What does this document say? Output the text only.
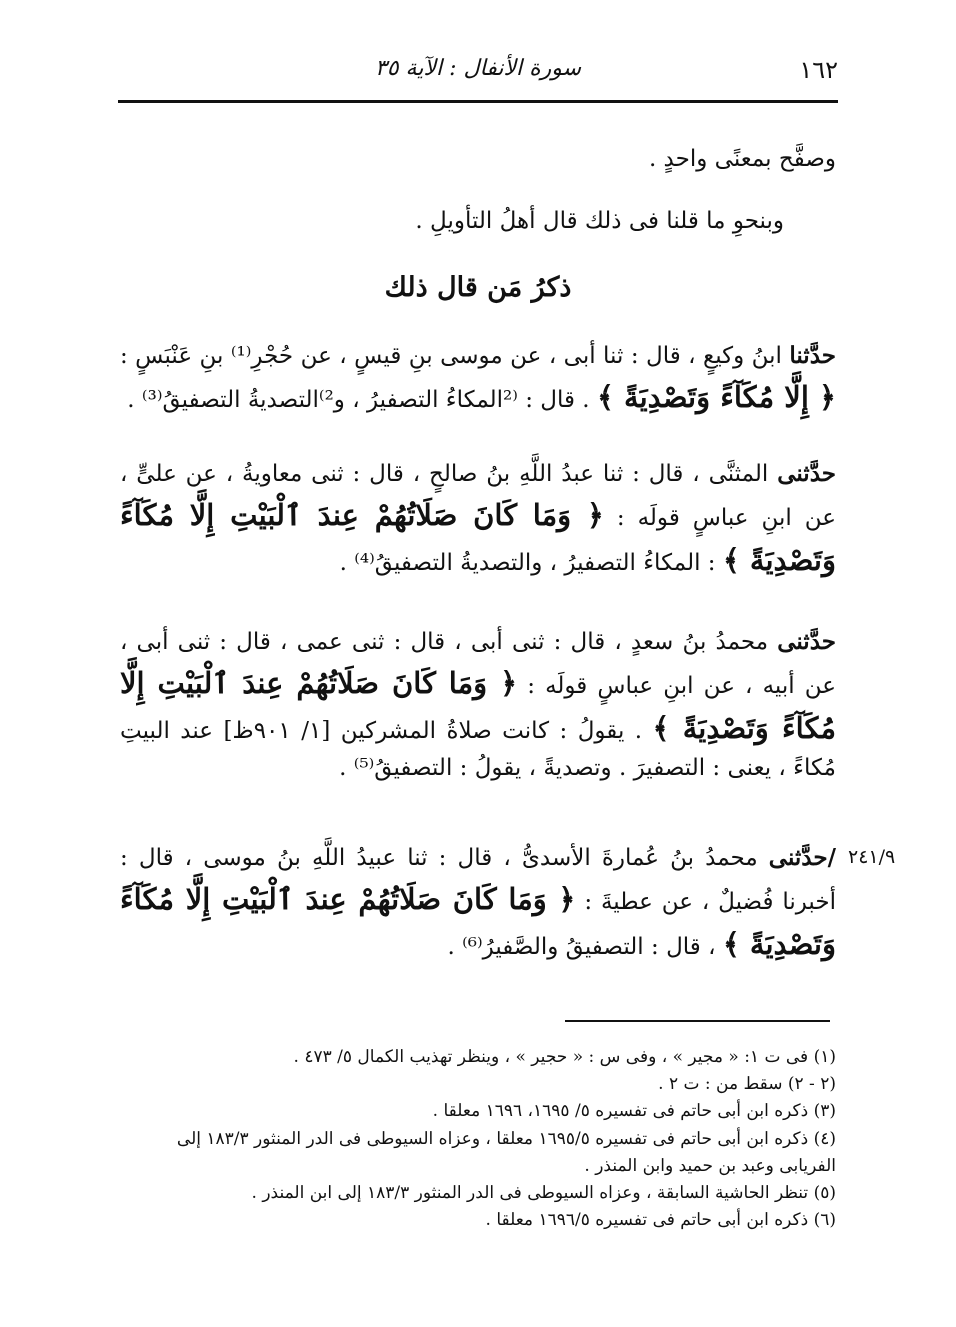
١٦٢
سورة الأنفال : الآية ٣٥

وصفَّح بمعنًى واحدٍ .

وبنحوِ ما قلنا فى ذلك قال أهلُ التأويلِ .

ذكرُ مَن قال ذلك

حدَّثنا ابنُ وكيعٍ ، قال : ثنا أبى ، عن موسى بنِ قيسٍ ، عن حُجْرِ⁽¹⁾ بنِ عَنْبَسٍ : ﴿ إِلَّا مُكَآءً وَتَصْدِيَةً ﴾ . قال : ⁽²المكاءُ التصفيرُ ، و²⁾التصديةُ التصفيقُ⁽³⁾ .

حدَّثنى المثنَّى ، قال : ثنا عبدُ اللَّهِ بنُ صالحٍ ، قال : ثنى معاويةُ ، عن علىٍّ ، عن ابنِ عباسٍ قولَه : ﴿ وَمَا كَانَ صَلَاتُهُمْ عِندَ ٱلْبَيْتِ إِلَّا مُكَآءً وَتَصْدِيَةً ﴾ : المكاءُ التصفيرُ ، والتصديةُ التصفيقُ⁽⁴⁾ .

حدَّثنى محمدُ بنُ سعدٍ ، قال : ثنى أبى ، قال : ثنى عمى ، قال : ثنى أبى ، عن أبيه ، عن ابنِ عباسٍ قولَه : ﴿ وَمَا كَانَ صَلَاتُهُمْ عِندَ ٱلْبَيْتِ إِلَّا مُكَآءً وَتَصْدِيَةً ﴾ . يقولُ : كانت صلاةُ المشركين [١/ ٩٠١ظ] عند البيتِ مُكاءً ، يعنى : التصفيرَ . وتصديةً ، يقولُ : التصفيقُ⁽⁵⁾ .

٢٤١/٩

/حدَّثنى محمدُ بنُ عُمارةَ الأسدىُّ ، قال : ثنا عبيدُ اللَّهِ بنُ موسى ، قال : أخبرنا فُضيلٌ ، عن عطيةَ : ﴿ وَمَا كَانَ صَلَاتُهُمْ عِندَ ٱلْبَيْتِ إِلَّا مُكَآءً وَتَصْدِيَةً ﴾ ، قال : التصفيقُ والصَّفيرُ⁽⁶⁾ .

(١) فى ت ١: « مجير » ، وفى س : « حجير » ، وينظر تهذيب الكمال ٥/ ٤٧٣ .

(٢ - ٢) سقط من : ت ٢ .

(٣) ذكره ابن أبى حاتم فى تفسيره ٥/ ١٦٩٥، ١٦٩٦ معلقا .

(٤) ذكره ابن أبى حاتم فى تفسيره ١٦٩٥/٥ معلقا ، وعزاه السيوطى فى الدر المنثور ١٨٣/٣ إلى الفريابى وعبد بن حميد وابن المنذر .

(٥) تنظر الحاشية السابقة ، وعزاه السيوطى فى الدر المنثور ١٨٣/٣ إلى ابن المنذر .

(٦) ذكره ابن أبى حاتم فى تفسيره ١٦٩٦/٥ معلقا .
